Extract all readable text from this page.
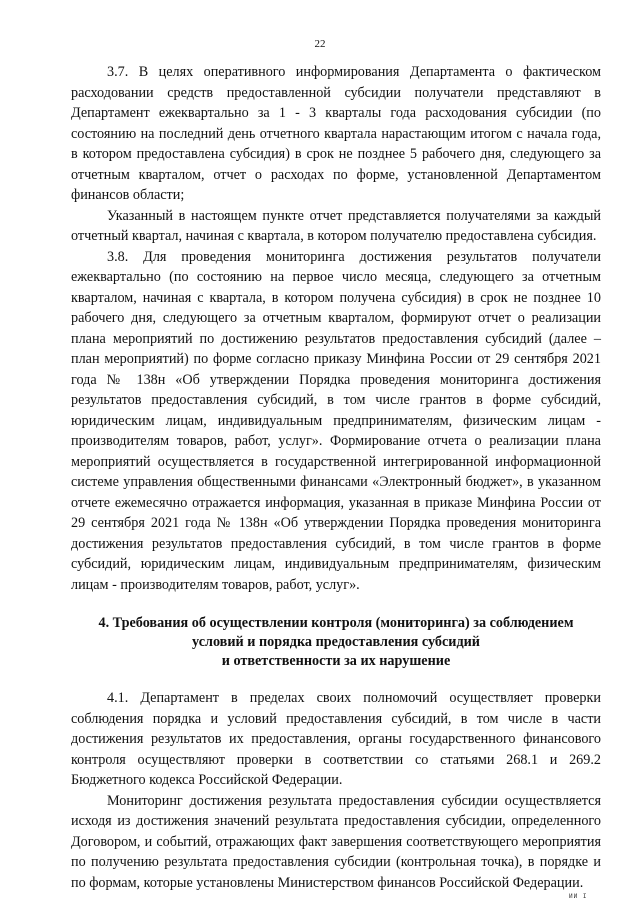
22

3.7. В целях оперативного информирования Департамента о фактическом расходовании средств предоставленной субсидии получатели представляют в Департамент ежеквартально за 1 - 3 кварталы года расходования субсидии (по состоянию на последний день отчетного квартала нарастающим итогом с начала года, в котором предоставлена субсидия) в срок не позднее 5 рабочего дня, следующего за отчетным кварталом, отчет о расходах по форме, установленной Департаментом финансов области;

Указанный в настоящем пункте отчет представляется получателями за каждый отчетный квартал, начиная с квартала, в котором получателю предоставлена субсидия.

3.8. Для проведения мониторинга достижения результатов получатели ежеквартально (по состоянию на первое число месяца, следующего за отчетным кварталом, начиная с квартала, в котором получена субсидия) в срок не позднее 10 рабочего дня, следующего за отчетным кварталом, формируют отчет о реализации плана мероприятий по достижению результатов предоставления субсидий (далее – план мероприятий) по форме согласно приказу Минфина России от 29 сентября 2021 года № 138н «Об утверждении Порядка проведения мониторинга достижения результатов предоставления субсидий, в том числе грантов в форме субсидий, юридическим лицам, индивидуальным предпринимателям, физическим лицам - производителям товаров, работ, услуг». Формирование отчета о реализации плана мероприятий осуществляется в государственной интегрированной информационной системе управления общественными финансами «Электронный бюджет», в указанном отчете ежемесячно отражается информация, указанная в приказе Минфина России от 29 сентября 2021 года № 138н «Об утверждении Порядка проведения мониторинга достижения результатов предоставления субсидий, в том числе грантов в форме субсидий, юридическим лицам, индивидуальным предпринимателям, физическим лицам - производителям товаров, работ, услуг».

4. Требования об осуществлении контроля (мониторинга) за соблюдением
условий и порядка предоставления субсидий
и ответственности за их нарушение

4.1. Департамент в пределах своих полномочий осуществляет проверки соблюдения порядка и условий предоставления субсидий, в том числе в части достижения результатов их предоставления, органы государственного финансового контроля осуществляют проверки в соответствии со статьями 268.1 и 269.2 Бюджетного кодекса Российской Федерации.

Мониторинг достижения результата предоставления субсидии осуществляется исходя из достижения значений результата предоставления субсидии, определенного Договором, и событий, отражающих факт завершения соответствующего мероприятия по получению результата предоставления субсидии (контрольная точка), в порядке и по формам, которые установлены Министерством финансов Российской Федерации.

ИИ I
